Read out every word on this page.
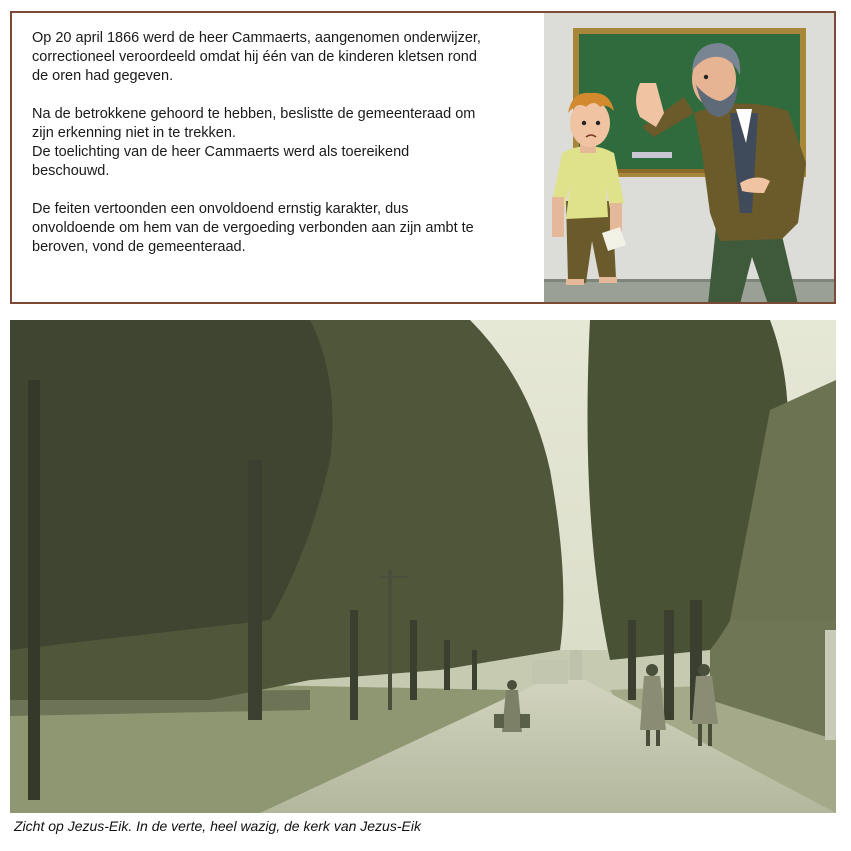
Op 20 april 1866 werd de heer Cammaerts, aangenomen onderwijzer,

correctioneel veroordeeld omdat hij één van de kinderen kletsen rond

de oren had gegeven.

Na de betrokkene gehoord te hebben, beslistte de gemeenteraad om

zijn erkenning niet in te trekken.

De toelichting van de heer Cammaerts werd als toereikend

beschouwd.

De feiten vertoonden een onvoldoend ernstig karakter, dus

onvoldoende om hem van de vergoeding verbonden aan zijn ambt te

beroven, vond de gemeenteraad.

Zicht op Jezus-Eik. In de verte, heel wazig, de kerk van Jezus-Eik
